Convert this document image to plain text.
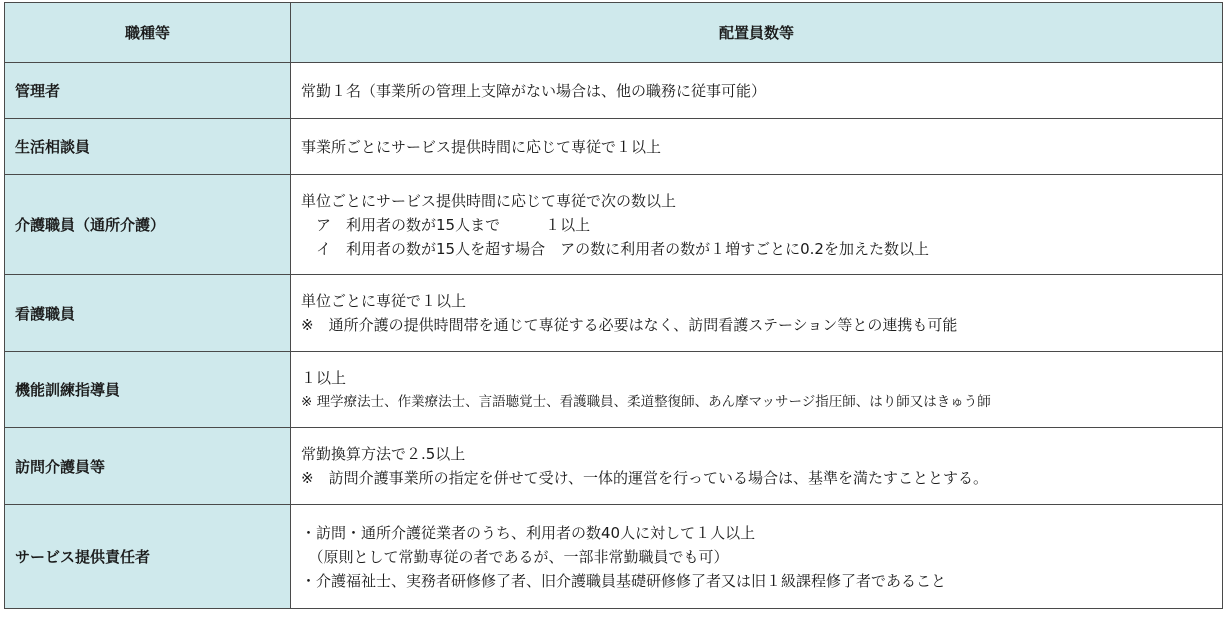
職種等	配置員数等
管理者	常勤１名（事業所の管理上支障がない場合は、他の職務に従事可能）

生活相談員	事業所ごとにサービス提供時間に応じて専従で１以上

介護職員（通所介護）	単位ごとにサービス提供時間に応じて専従で次の数以上
　ア　利用者の数が15人まで　　　１以上
　イ　利用者の数が15人を超す場合　アの数に利用者の数が１増すごとに0.2を加えた数以上

看護職員	単位ごとに専従で１以上
※　通所介護の提供時間帯を通じて専従する必要はなく、訪問看護ステーション等との連携も可能

機能訓練指導員	１以上
※ 理学療法士、作業療法士、言語聴覚士、看護職員、柔道整復師、あん摩マッサージ指圧師、はり師又はきゅう師

訪問介護員等	常勤換算方法で２.5以上
※　訪問介護事業所の指定を併せて受け、一体的運営を行っている場合は、基準を満たすこととする。

サービス提供責任者	・訪問・通所介護従業者のうち、利用者の数40人に対して１人以上
　（原則として常勤専従の者であるが、一部非常勤職員でも可）
・介護福祉士、実務者研修修了者、旧介護職員基礎研修修了者又は旧１級課程修了者であること
